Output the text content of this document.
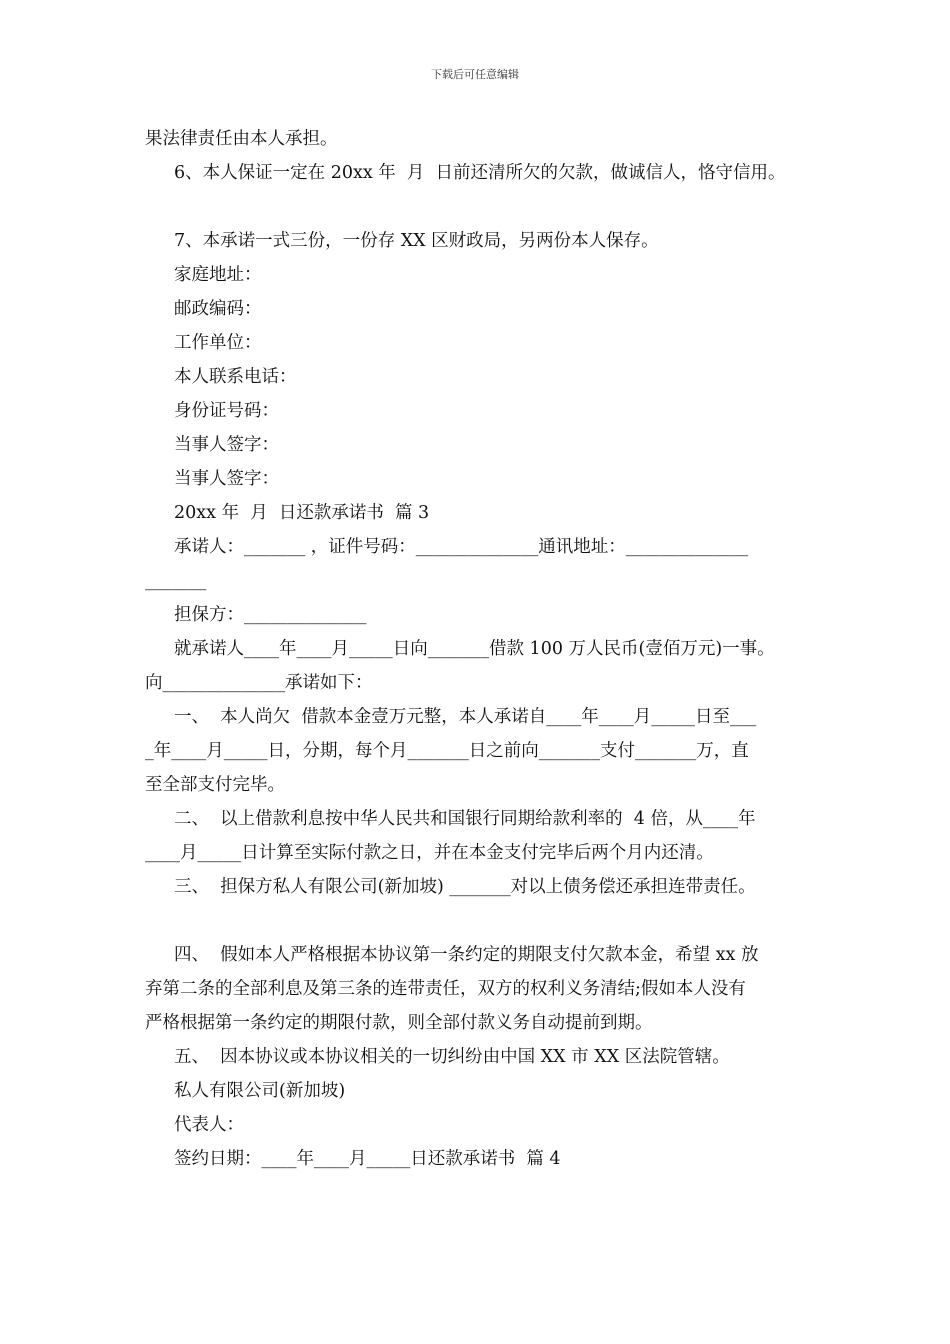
下载后可任意编辑
果法律责任由本人承担。
6、本人保证一定在 20xx 年  月  日前还清所欠的欠款，做诚信人，恪守信用。
7、本承诺一式三份，一份存 XX 区财政局，另两份本人保存。
家庭地址：
邮政编码：
工作单位：
本人联系电话：
身份证号码：
当事人签字：
当事人签字：
20xx 年  月  日还款承诺书  篇 3
承诺人：_______ ，证件号码：______________通讯地址：______________
_______
担保方：______________
就承诺人____年____月_____日向_______借款 100 万人民币(壹佰万元)一事。
向______________承诺如下：
一、  本人尚欠  借款本金壹万元整，本人承诺自____年____月_____日至___
_年____月_____日，分期，每个月_______日之前向_______支付_______万，直
至全部支付完毕。
二、  以上借款利息按中华人民共和国银行同期给款利率的  4 倍，从____年
____月_____日计算至实际付款之日，并在本金支付完毕后两个月内还清。
三、  担保方私人有限公司(新加坡) _______对以上债务偿还承担连带责任。
四、  假如本人严格根据本协议第一条约定的期限支付欠款本金，希望 xx 放
弃第二条的全部利息及第三条的连带责任，双方的权利义务清结;假如本人没有
严格根据第一条约定的期限付款，则全部付款义务自动提前到期。
五、  因本协议或本协议相关的一切纠纷由中国 XX 市 XX 区法院管辖。
私人有限公司(新加坡)
代表人：
签约日期：____年____月_____日还款承诺书  篇 4
